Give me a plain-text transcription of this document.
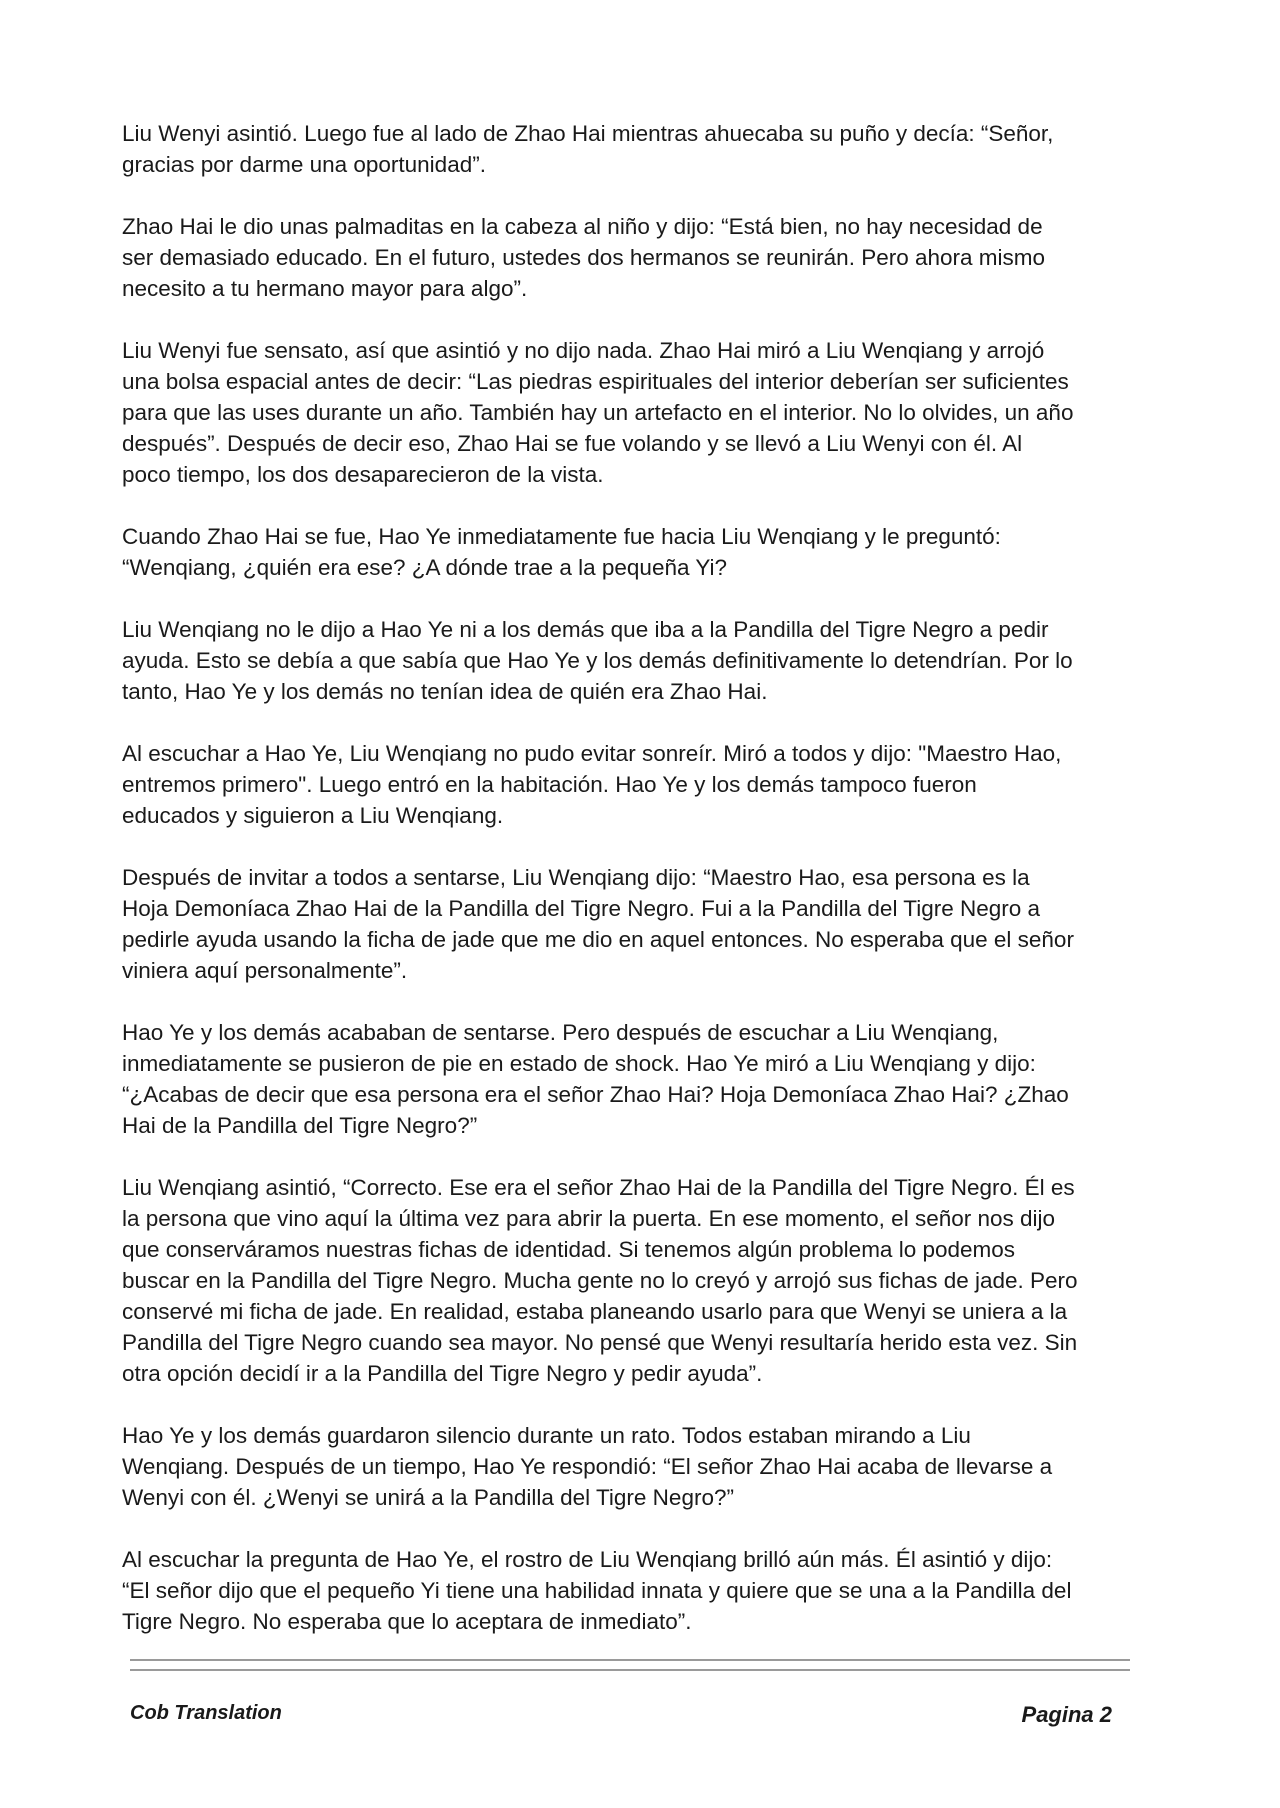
Liu Wenyi asintió. Luego fue al lado de Zhao Hai mientras ahuecaba su puño y decía: “Señor,
gracias por darme una oportunidad”.

Zhao Hai le dio unas palmaditas en la cabeza al niño y dijo: “Está bien, no hay necesidad de
ser demasiado educado. En el futuro, ustedes dos hermanos se reunirán. Pero ahora mismo
necesito a tu hermano mayor para algo”.

Liu Wenyi fue sensato, así que asintió y no dijo nada. Zhao Hai miró a Liu Wenqiang y arrojó
una bolsa espacial antes de decir: “Las piedras espirituales del interior deberían ser suficientes
para que las uses durante un año. También hay un artefacto en el interior. No lo olvides, un año
después”. Después de decir eso, Zhao Hai se fue volando y se llevó a Liu Wenyi con él. Al
poco tiempo, los dos desaparecieron de la vista.

Cuando Zhao Hai se fue, Hao Ye inmediatamente fue hacia Liu Wenqiang y le preguntó:
“Wenqiang, ¿quién era ese? ¿A dónde trae a la pequeña Yi?

Liu Wenqiang no le dijo a Hao Ye ni a los demás que iba a la Pandilla del Tigre Negro a pedir
ayuda. Esto se debía a que sabía que Hao Ye y los demás definitivamente lo detendrían. Por lo
tanto, Hao Ye y los demás no tenían idea de quién era Zhao Hai.

Al escuchar a Hao Ye, Liu Wenqiang no pudo evitar sonreír. Miró a todos y dijo: "Maestro Hao,
entremos primero". Luego entró en la habitación. Hao Ye y los demás tampoco fueron
educados y siguieron a Liu Wenqiang.

Después de invitar a todos a sentarse, Liu Wenqiang dijo: “Maestro Hao, esa persona es la
Hoja Demoníaca Zhao Hai de la Pandilla del Tigre Negro. Fui a la Pandilla del Tigre Negro a
pedirle ayuda usando la ficha de jade que me dio en aquel entonces. No esperaba que el señor
viniera aquí personalmente”.

Hao Ye y los demás acababan de sentarse. Pero después de escuchar a Liu Wenqiang,
inmediatamente se pusieron de pie en estado de shock. Hao Ye miró a Liu Wenqiang y dijo:
“¿Acabas de decir que esa persona era el señor Zhao Hai? Hoja Demoníaca Zhao Hai? ¿Zhao
Hai de la Pandilla del Tigre Negro?”

Liu Wenqiang asintió, “Correcto. Ese era el señor Zhao Hai de la Pandilla del Tigre Negro. Él es
la persona que vino aquí la última vez para abrir la puerta. En ese momento, el señor nos dijo
que conserváramos nuestras fichas de identidad. Si tenemos algún problema lo podemos
buscar en la Pandilla del Tigre Negro. Mucha gente no lo creyó y arrojó sus fichas de jade. Pero
conservé mi ficha de jade. En realidad, estaba planeando usarlo para que Wenyi se uniera a la
Pandilla del Tigre Negro cuando sea mayor. No pensé que Wenyi resultaría herido esta vez. Sin
otra opción decidí ir a la Pandilla del Tigre Negro y pedir ayuda”.

Hao Ye y los demás guardaron silencio durante un rato. Todos estaban mirando a Liu
Wenqiang. Después de un tiempo, Hao Ye respondió: “El señor Zhao Hai acaba de llevarse a
Wenyi con él. ¿Wenyi se unirá a la Pandilla del Tigre Negro?”

Al escuchar la pregunta de Hao Ye, el rostro de Liu Wenqiang brilló aún más. Él asintió y dijo:
“El señor dijo que el pequeño Yi tiene una habilidad innata y quiere que se una a la Pandilla del
Tigre Negro. No esperaba que lo aceptara de inmediato”.

Cob Translation	Pagina 2
